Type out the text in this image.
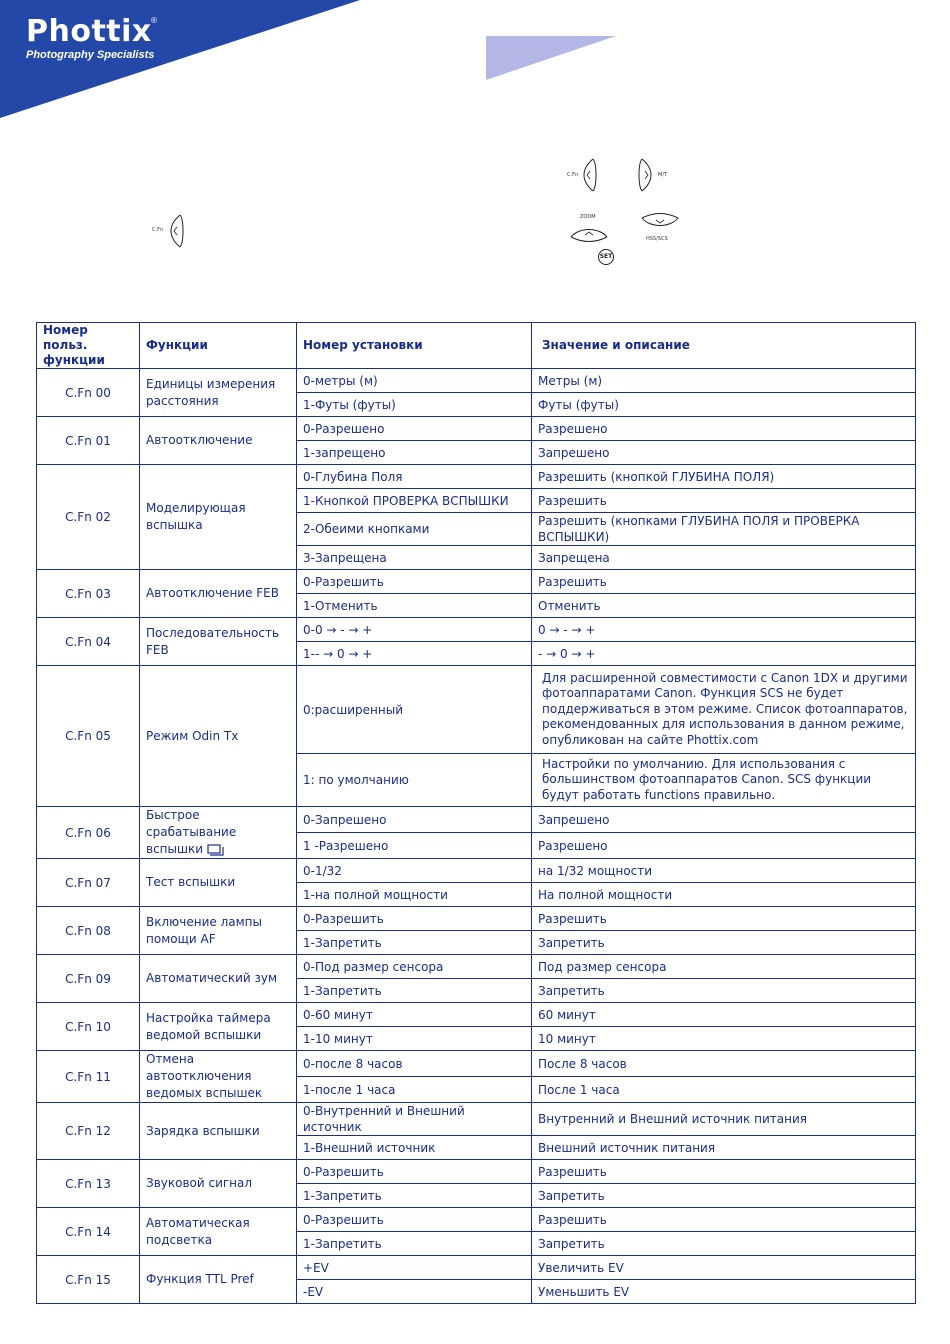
Phottix ®
Photography Specialists
C.Fn
C.Fn	M/T
ZOOM
HSS/SCS
SET
Номер польз. функции	Функции	Номер установки	Значение и описание
C.Fn 00	Единицы измерения расстояния	0-метры (м)	Метры (м)
		1-Футы (футы)	Футы (футы)
C.Fn 01	Автоотключение	0-Разрешено	Разрешено
		1-запрещено	Запрешено
C.Fn 02	Моделирующая вспышка	0-Глубина Поля	Разрешить (кнопкой ГЛУБИНА ПОЛЯ)
		1-Кнопкой ПРОВЕРКА ВСПЫШКИ	Разрешить
		2-Обеими кнопками	Разрешить (кнопками ГЛУБИНА ПОЛЯ и ПРОВЕРКА ВСПЫШКИ)
		3-Запрещена	Запрещена
C.Fn 03	Автоотключение FEB	0-Разрешить	Разрешить
		1-Отменить	Отменить
C.Fn 04	Последовательность FEB	0-0 → - → +	0 → - → +
		1-- → 0 → +	- → 0 → +
C.Fn 05	Режим Odin Tx	0:расширенный	Для расширенной совместимости с Canon 1DX и другими фотоаппаратами Canon. Функция SCS не будет поддерживаться в этом режиме. Список фотоаппаратов, рекомендованных для использования в данном режиме, опубликован на сайте Phottix.com
		1: по умолчанию	Настройки по умолчанию. Для использования с большинством фотоаппаратов Canon. SCS функции будут работать functions правильно.
C.Fn 06	Быстрое срабатывание вспышки	0-Запрешено	Запрешено
		1 -Разрешено	Разрешено
C.Fn 07	Тест вспышки	0-1/32	на 1/32 мощности
		1-на полной мощности	На полной мощности
C.Fn 08	Включение лампы помощи AF	0-Разрешить	Разрешить
		1-Запретить	Запретить
C.Fn 09	Автоматический зум	0-Под размер сенсора	Под размер сенсора
		1-Запретить	Запретить
C.Fn 10	Настройка таймера ведомой вспышки	0-60 минут	60 минут
		1-10 минут	10 минут
C.Fn 11	Отмена автоотключения ведомых вспышек	0-после 8 часов	После 8 часов
		1-после 1 часа	После 1 часа
C.Fn 12	Зарядка вспышки	0-Внутренний и Внешний источник	Внутренний и Внешний источник питания
		1-Внешний источник	Внешний источник питания
C.Fn 13	Звуковой сигнал	0-Разрешить	Разрешить
		1-Запретить	Запретить
C.Fn 14	Автоматическая подсветка	0-Разрешить	Разрешить
		1-Запретить	Запретить
C.Fn 15	Функция TTL Pref	+EV	Увеличить EV
		-EV	Уменьшить EV
